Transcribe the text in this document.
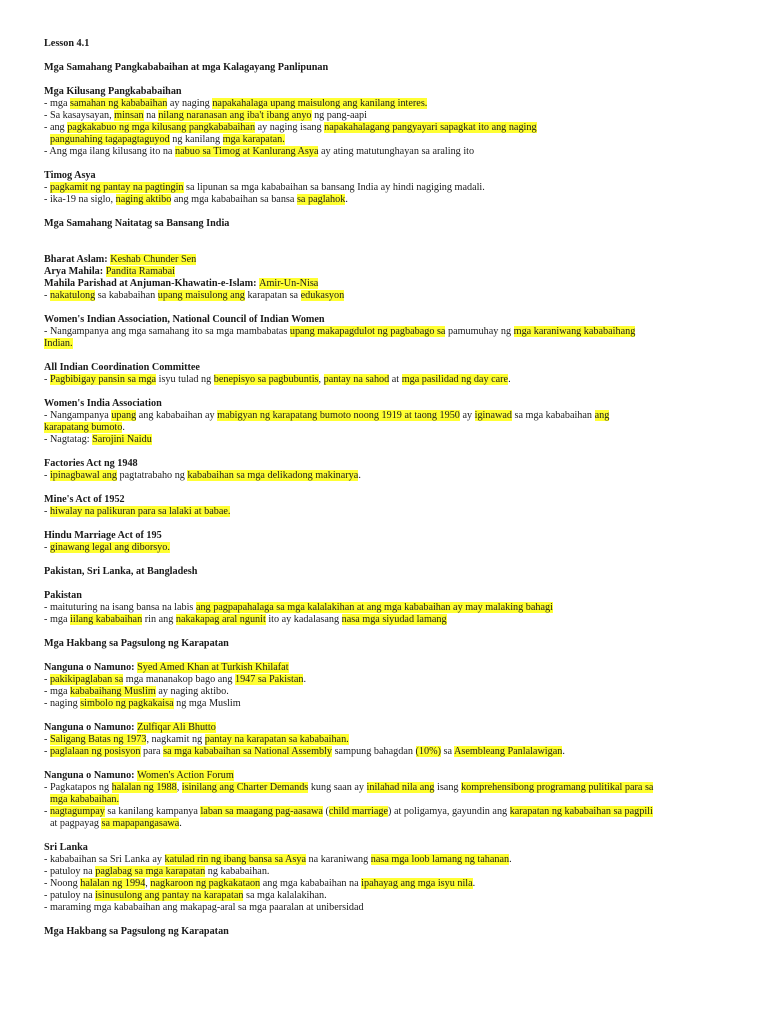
Lesson 4.1
Mga Samahang Pangkababaihan at mga Kalagayang Panlipunan
Mga Kilusang Pangkababaihan
- mga samahan ng kababaihan ay naging napakahalaga upang maisulong ang kanilang interes.
- Sa kasaysayan, minsan na nilang naranasan ang iba't ibang anyo ng pang-aapi
- ang pagkakabuo ng mga kilusang pangkababaihan ay naging isang napakahalagang pangyayari sapagkat ito ang naging
pangunahing tagapagtaguyod ng kanilang mga karapatan.
- Ang mga ilang kilusang ito na nabuo sa Timog at Kanlurang Asya ay ating matutunghayan sa araling ito
Timog Asya
- pagkamit ng pantay na pagtingin sa lipunan sa mga kababaihan sa bansang India ay hindi nagiging madali.
- ika-19 na siglo, naging aktibo ang mga kababaihan sa bansa sa paglahok.
Mga Samahang Naitatag sa Bansang India

Bharat Aslam: Keshab Chunder Sen
Arya Mahila: Pandita Ramabai
Mahila Parishad at Anjuman-Khawatin-e-Islam: Amir-Un-Nisa
- nakatulong sa kababaihan upang maisulong ang karapatan sa edukasyon
Women's Indian Association, National Council of Indian Women
- Nangampanya ang mga samahang ito sa mga mambabatas upang makapagdulot ng pagbabago sa pamumuhay ng mga karaniwang kababaihang
Indian.
All Indian Coordination Committee
- Pagbibigay pansin sa mga isyu tulad ng benepisyo sa pagbubuntis, pantay na sahod at mga pasilidad ng day care.
Women's India Association
- Nangampanya upang ang kababaihan ay mabigyan ng karapatang bumoto noong 1919 at taong 1950 ay iginawad sa mga kababaihan ang
karapatang bumoto.
- Nagtatag: Sarojini Naidu
Factories Act ng 1948
- ipinagbawal ang pagtatrabaho ng kababaihan sa mga delikadong makinarya.
Mine's Act of 1952
- hiwalay na palikuran para sa lalaki at babae.
Hindu Marriage Act of 195
- ginawang legal ang diborsyo.
Pakistan, Sri Lanka, at Bangladesh
Pakistan
- maituturing na isang bansa na labis ang pagpapahalaga sa mga kalalakihan at ang mga kababaihan ay may malaking bahagi
- mga iilang kababaihan rin ang nakakapag aral ngunit ito ay kadalasang nasa mga siyudad lamang
Mga Hakbang sa Pagsulong ng Karapatan
Nanguna o Namuno: Syed Amed Khan at Turkish Khilafat
- pakikipaglaban sa mga mananakop bago ang 1947 sa Pakistan.
- mga kababaihang Muslim ay naging aktibo.
- naging simbolo ng pagkakaisa ng mga Muslim
Nanguna o Namuno: Zulfiqar Ali Bhutto
- Saligang Batas ng 1973, nagkamit ng pantay na karapatan sa kababaihan.
- paglalaan ng posisyon para sa mga kababaihan sa National Assembly sampung bahagdan (10%) sa Asembleang Panlalawigan.
Nanguna o Namuno: Women's Action Forum
- Pagkatapos ng halalan ng 1988, isinilang ang Charter Demands kung saan ay inilahad nila ang isang komprehensibong programang pulitikal para sa
mga kababaihan.
- nagtagumpay sa kanilang kampanya laban sa maagang pag-aasawa (child marriage) at poligamya, gayundin ang karapatan ng kababaihan sa pagpili
at pagpayag sa mapapangasawa.
Sri Lanka
- kababaihan sa Sri Lanka ay katulad rin ng ibang bansa sa Asya na karaniwang nasa mga loob lamang ng tahanan.
- patuloy na paglabag sa mga karapatan ng kababaihan.
- Noong halalan ng 1994, nagkaroon ng pagkakataon ang mga kababaihan na ipahayag ang mga isyu nila.
- patuloy na isinusulong ang pantay na karapatan sa mga kalalakihan.
- maraming mga kababaihan ang makapag-aral sa mga paaralan at unibersidad
Mga Hakbang sa Pagsulong ng Karapatan
